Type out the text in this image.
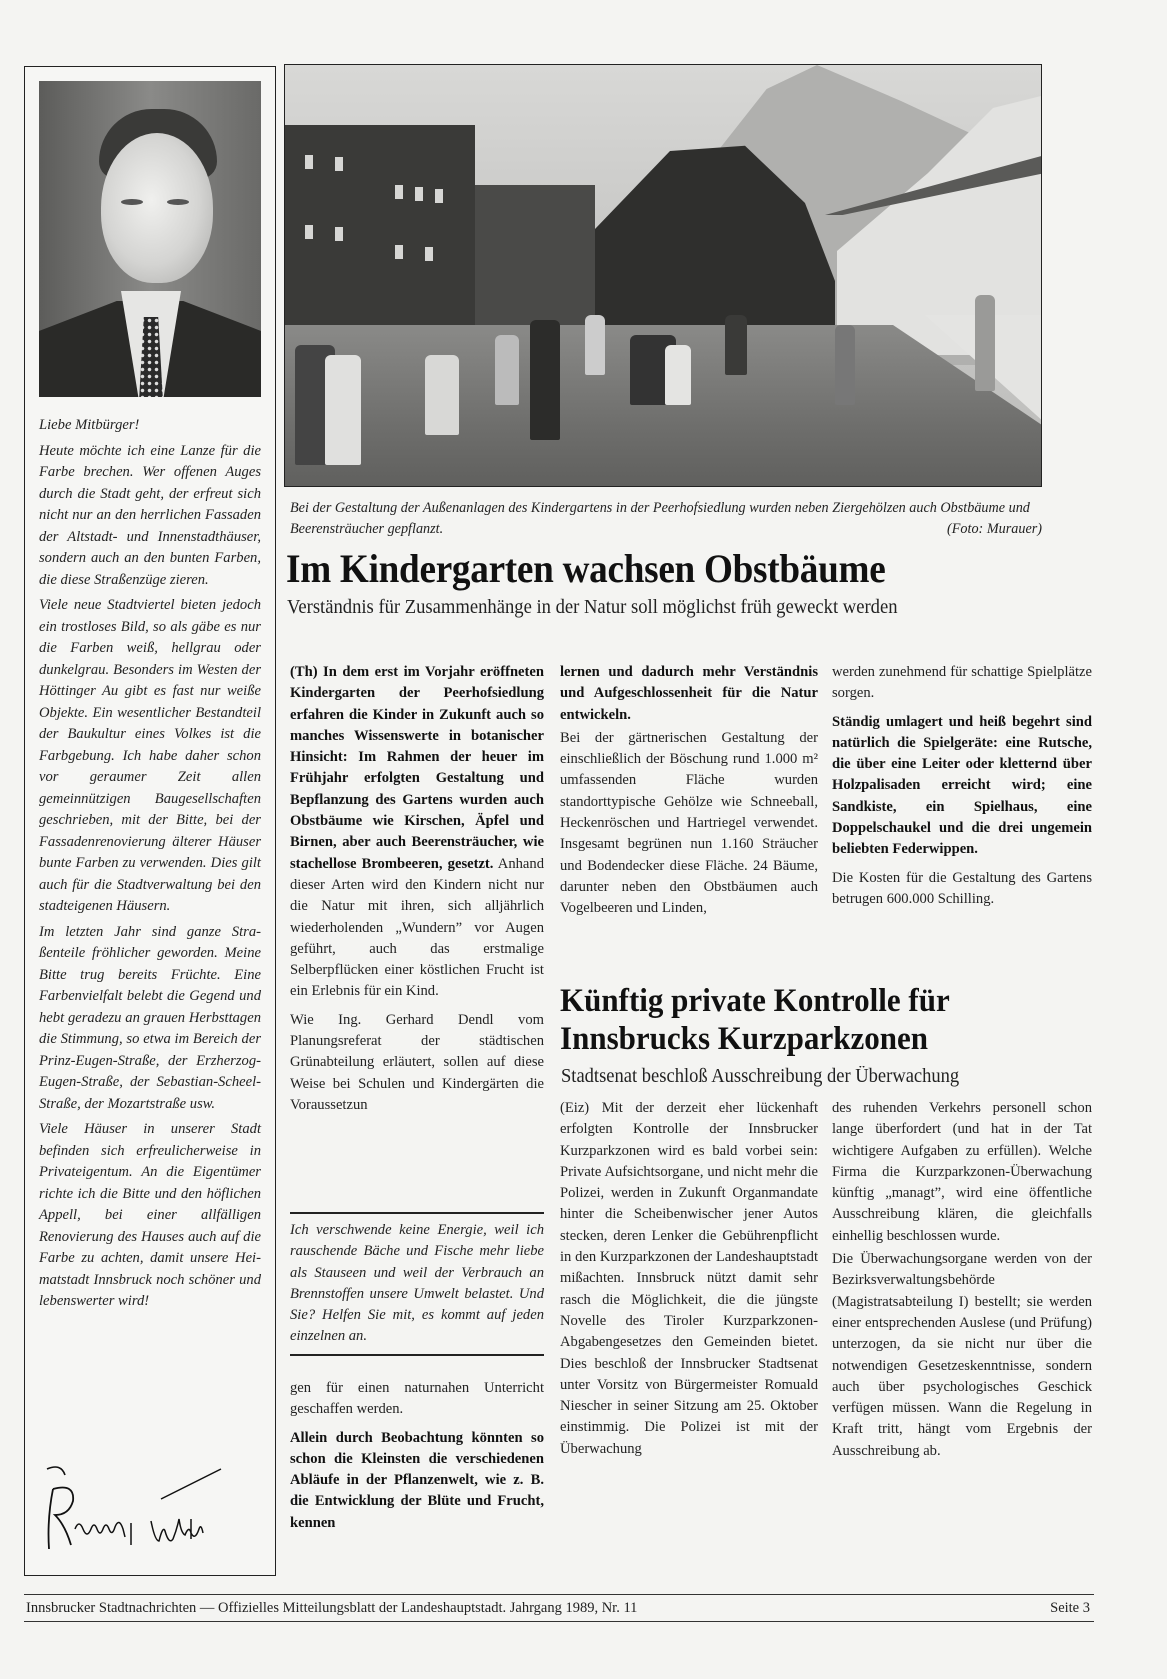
Liebe Mitbürger!

Heute möchte ich eine Lanze für die Farbe brechen. Wer offenen Auges durch die Stadt geht, der erfreut sich nicht nur an den herrlichen Fassaden der Altstadt- und Innenstadthäuser, sondern auch an den bunten Farben, die diese Straßenzüge zieren.

Viele neue Stadtviertel bieten jedoch ein trostloses Bild, so als gäbe es nur die Farben weiß, hellgrau oder dunkelgrau. Besonders im Westen der Höttinger Au gibt es fast nur weiße Objekte. Ein wesentlicher Bestandteil der Baukultur eines Volkes ist die Farbgebung. Ich habe daher schon vor geraumer Zeit allen gemeinnützigen Baugesellschaften geschrieben, mit der Bitte, bei der Fassadenrenovierung älterer Häuser bunte Farben zu verwenden. Dies gilt auch für die Stadtverwaltung bei den stadteigenen Häusern.

Im letzten Jahr sind ganze Straßenteile fröhlicher geworden. Meine Bitte trug bereits Früchte. Eine Farbenvielfalt belebt die Gegend und hebt geradezu an grauen Herbsttagen die Stimmung, so etwa im Bereich der Prinz-Eugen-Straße, der Erzherzog-Eugen-Straße, der Sebastian-Scheel-Straße, der Mozartstraße usw.

Viele Häuser in unserer Stadt befinden sich erfreulicherweise in Privateigentum. An die Eigentümer richte ich die Bitte und den höflichen Appell, bei einer allfälligen Renovierung des Hauses auch auf die Farbe zu achten, damit unsere Heimatstadt Innsbruck noch schöner und lebenswerter wird!

Bei der Gestaltung der Außenanlagen des Kindergartens in der Peerhofsiedlung wurden neben Ziergehölzen auch Obstbäume und Beerensträucher gepflanzt.	(Foto: Murauer)
Im Kindergarten wachsen Obstbäume
Verständnis für Zusammenhänge in der Natur soll möglichst früh geweckt werden

(Th) In dem erst im Vorjahr eröffneten Kindergarten der Peerhofsiedlung erfahren die Kinder in Zukunft auch so manches Wissenswerte in botanischer Hinsicht: Im Rahmen der heuer im Frühjahr erfolgten Gestaltung und Bepflanzung des Gartens wurden auch Obstbäume wie Kirschen, Äpfel und Birnen, aber auch Beerensträucher, wie stachellose Brombeeren, gesetzt. Anhand dieser Arten wird den Kindern nicht nur die Natur mit ihren, sich alljährlich wiederholenden „Wundern” vor Augen geführt, auch das erstmalige Selberpflücken einer köstlichen Frucht ist ein Erlebnis für ein Kind.

Wie Ing. Gerhard Dendl vom Planungsreferat der städtischen Grünabteilung erläutert, sollen auf diese Weise bei Schulen und Kindergärten die Voraussetzun

Ich verschwende keine Energie, weil ich rauschende Bäche und Fische mehr liebe als Stauseen und weil der Verbrauch an Brennstoffen unsere Umwelt belastet. Und Sie? Helfen Sie mit, es kommt auf jeden einzelnen an.

gen für einen naturnahen Unterricht geschaffen werden.

Allein durch Beobachtung könnten so schon die Kleinsten die verschiedenen Abläufe in der Pflanzenwelt, wie z. B. die Entwicklung der Blüte und Frucht, kennen

lernen und dadurch mehr Verständnis und Aufgeschlossenheit für die Natur entwickeln.

Bei der gärtnerischen Gestaltung der einschließlich der Böschung rund 1.000 m² umfassenden Fläche wurden standorttypische Gehölze wie Schneeball, Heckenröschen und Hartriegel verwendet. Insgesamt begrünen nun 1.160 Sträucher und Bodendecker diese Fläche. 24 Bäume, darunter neben den Obstbäumen auch Vogelbeeren und Linden,

werden zunehmend für schattige Spielplätze sorgen.

Ständig umlagert und heiß begehrt sind natürlich die Spielgeräte: eine Rutsche, die über eine Leiter oder kletternd über Holzpalisaden erreicht wird; eine Sandkiste, ein Spielhaus, eine Doppelschaukel und die drei ungemein beliebten Federwippen.

Die Kosten für die Gestaltung des Gartens betrugen 600.000 Schilling.

Künftig private Kontrolle für Innsbrucks Kurzparkzonen
Stadtsenat beschloß Ausschreibung der Überwachung

(Eiz) Mit der derzeit eher lückenhaft erfolgten Kontrolle der Innsbrucker Kurzparkzonen wird es bald vorbei sein: Private Aufsichtsorgane, und nicht mehr die Polizei, werden in Zukunft Organmandate hinter die Scheibenwischer jener Autos stecken, deren Lenker die Gebührenpflicht in den Kurzparkzonen der Landeshauptstadt mißachten. Innsbruck nützt damit sehr rasch die Möglichkeit, die die jüngste Novelle des Tiroler Kurzparkzonen-Abgabengesetzes den Gemeinden bietet. Dies beschloß der Innsbrucker Stadtsenat unter Vorsitz von Bürgermeister Romuald Niescher in seiner Sitzung am 25. Oktober einstimmig. Die Polizei ist mit der Überwachung

des ruhenden Verkehrs personell schon lange überfordert (und hat in der Tat wichtigere Aufgaben zu erfüllen). Welche Firma die Kurzparkzonen-Überwachung künftig „managt”, wird eine öffentliche Ausschreibung klären, die gleichfalls einhellig beschlossen wurde.

Die Überwachungsorgane werden von der Bezirksverwaltungsbehörde (Magistratsabteilung I) bestellt; sie werden einer entsprechenden Auslese (und Prüfung) unterzogen, da sie nicht nur über die notwendigen Gesetzeskenntnisse, sondern auch über psychologisches Geschick verfügen müssen. Wann die Regelung in Kraft tritt, hängt vom Ergebnis der Ausschreibung ab.

Innsbrucker Stadtnachrichten — Offizielles Mitteilungsblatt der Landeshauptstadt. Jahrgang 1989, Nr. 11	Seite 3
